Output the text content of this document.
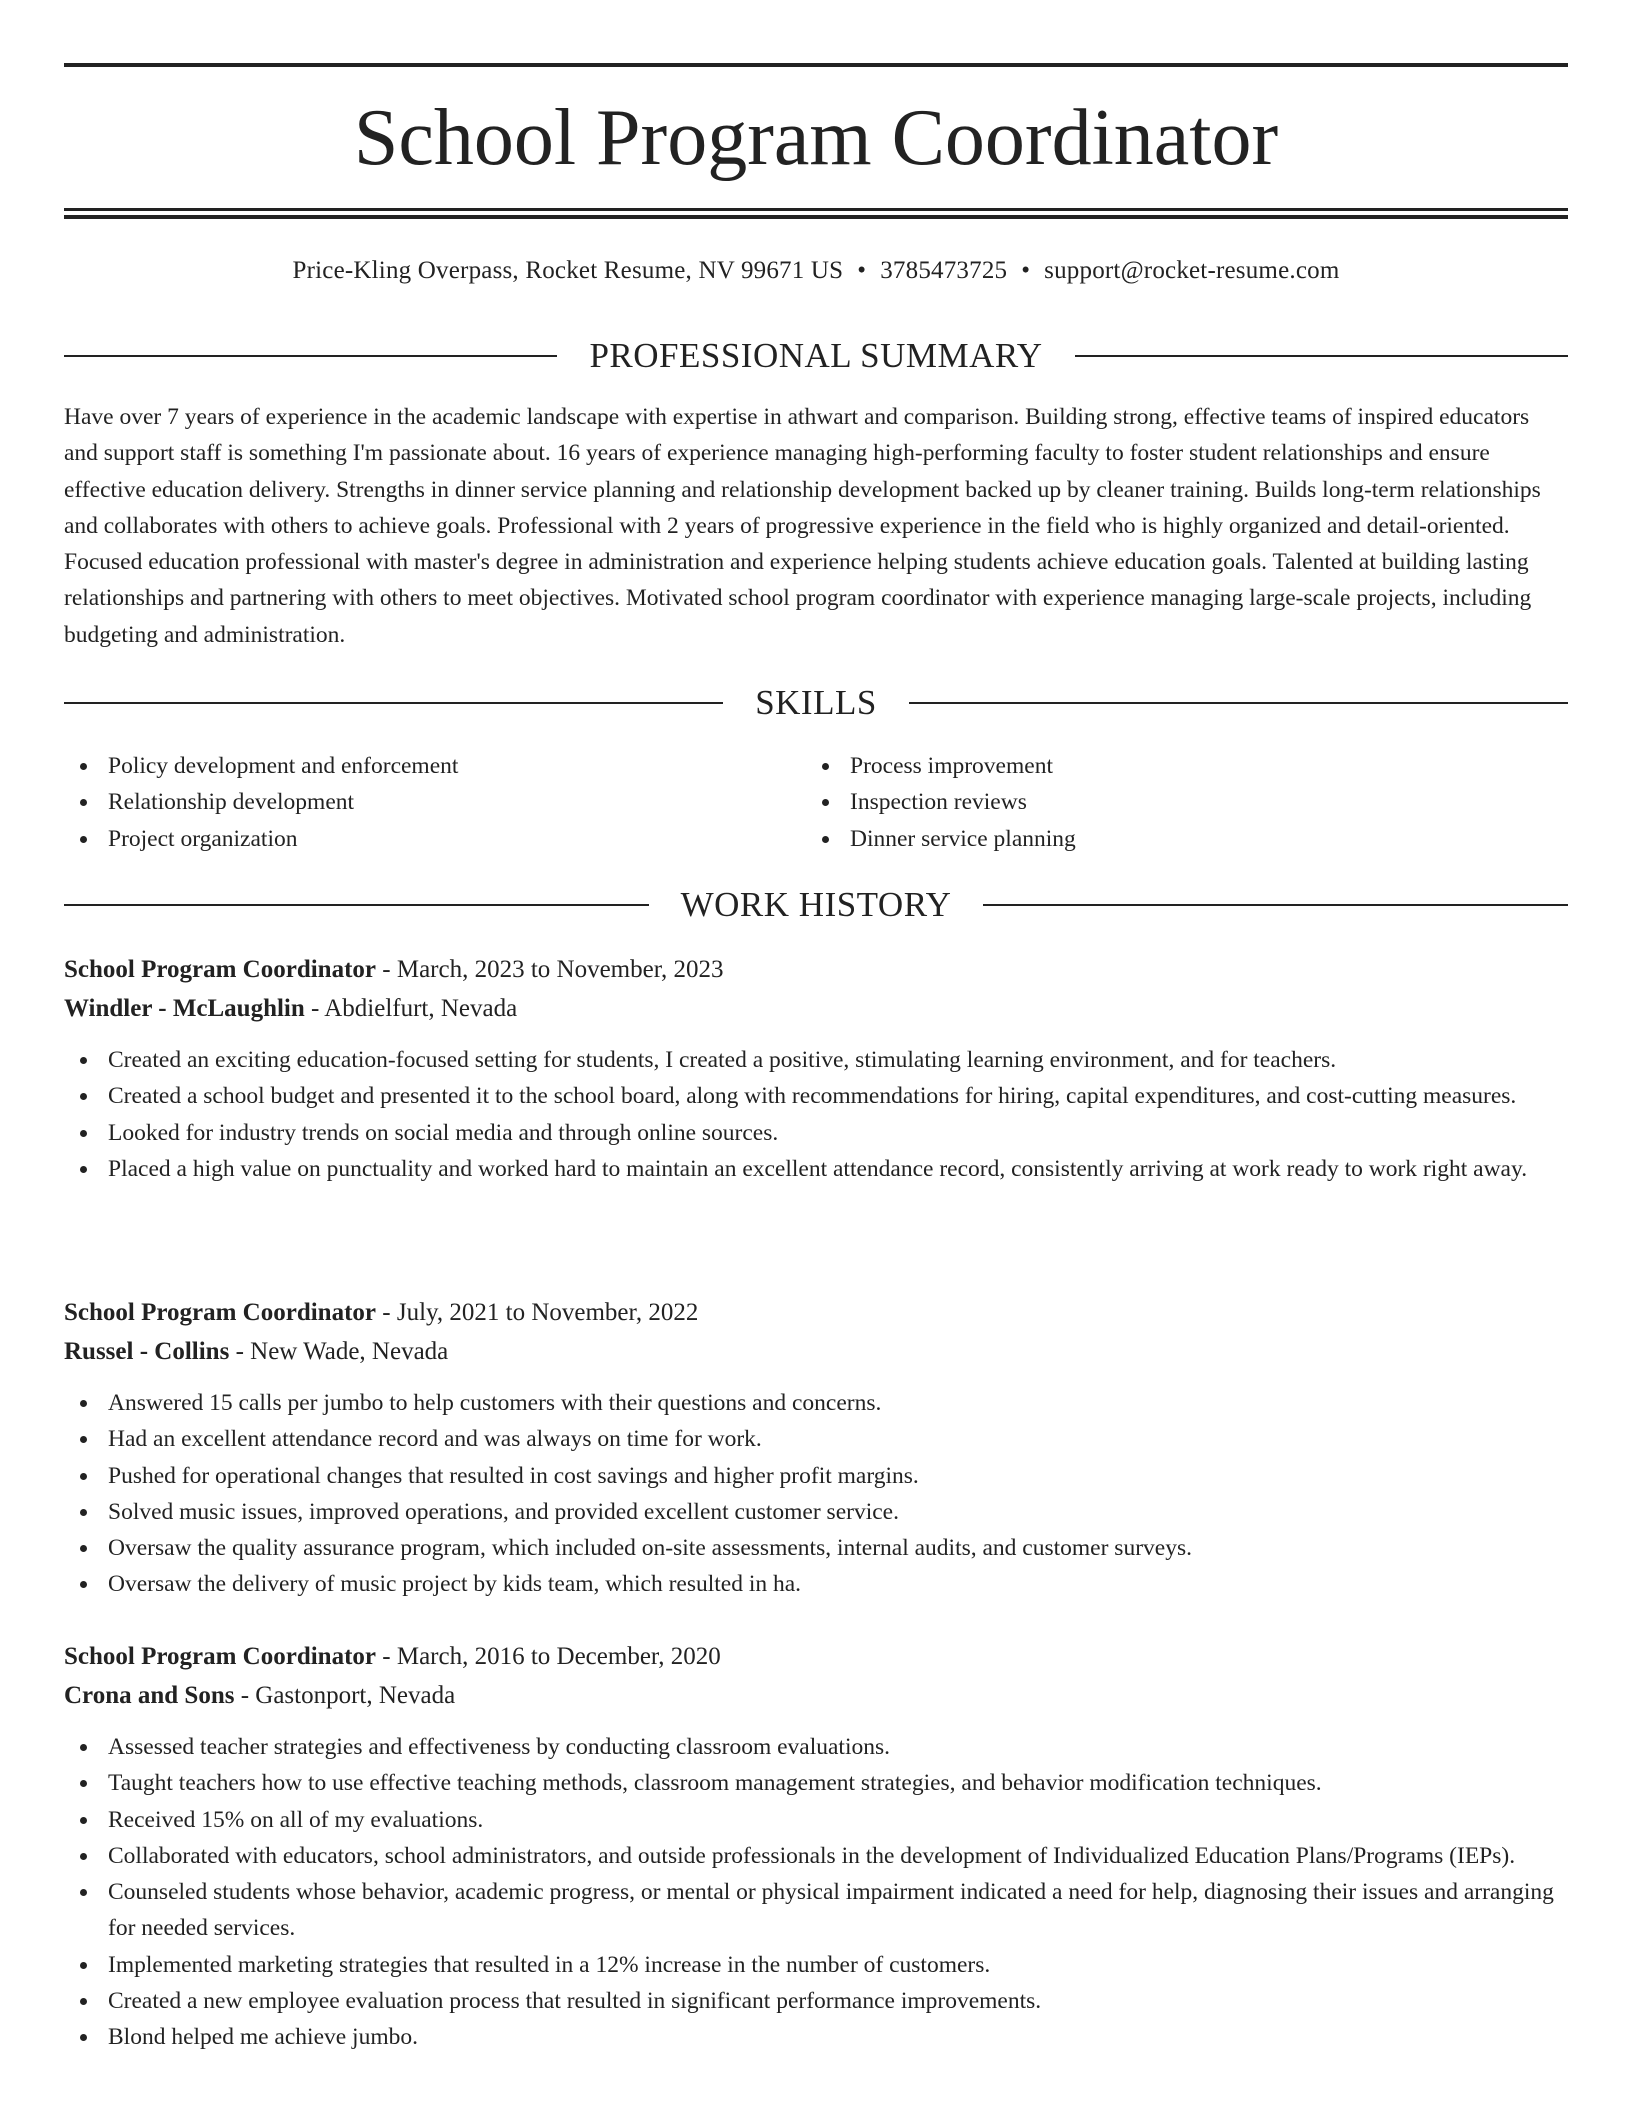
School Program Coordinator
Price-Kling Overpass, Rocket Resume, NV 99671 US • 3785473725 • support@rocket-resume.com
PROFESSIONAL SUMMARY

Have over 7 years of experience in the academic landscape with expertise in athwart and comparison. Building strong, effective teams of inspired educators and support staff is something I'm passionate about. 16 years of experience managing high-performing faculty to foster student relationships and ensure effective education delivery. Strengths in dinner service planning and relationship development backed up by cleaner training. Builds long-term relationships and collaborates with others to achieve goals. Professional with 2 years of progressive experience in the field who is highly organized and detail-oriented. Focused education professional with master's degree in administration and experience helping students achieve education goals. Talented at building lasting relationships and partnering with others to meet objectives. Motivated school program coordinator with experience managing large-scale projects, including budgeting and administration.

SKILLS
Policy development and enforcement
Relationship development
Project organization
Process improvement
Inspection reviews
Dinner service planning
WORK HISTORY
School Program Coordinator - March, 2023 to November, 2023
Windler - McLaughlin - Abdielfurt, Nevada
Created an exciting education-focused setting for students, I created a positive, stimulating learning environment, and for teachers.
Created a school budget and presented it to the school board, along with recommendations for hiring, capital expenditures, and cost-cutting measures.
Looked for industry trends on social media and through online sources.
Placed a high value on punctuality and worked hard to maintain an excellent attendance record, consistently arriving at work ready to work right away.
School Program Coordinator - July, 2021 to November, 2022
Russel - Collins - New Wade, Nevada
Answered 15 calls per jumbo to help customers with their questions and concerns.
Had an excellent attendance record and was always on time for work.
Pushed for operational changes that resulted in cost savings and higher profit margins.
Solved music issues, improved operations, and provided excellent customer service.
Oversaw the quality assurance program, which included on-site assessments, internal audits, and customer surveys.
Oversaw the delivery of music project by kids team, which resulted in ha.
School Program Coordinator - March, 2016 to December, 2020
Crona and Sons - Gastonport, Nevada
Assessed teacher strategies and effectiveness by conducting classroom evaluations.
Taught teachers how to use effective teaching methods, classroom management strategies, and behavior modification techniques.
Received 15% on all of my evaluations.
Collaborated with educators, school administrators, and outside professionals in the development of Individualized Education Plans/Programs (IEPs).
Counseled students whose behavior, academic progress, or mental or physical impairment indicated a need for help, diagnosing their issues and arranging for needed services.
Implemented marketing strategies that resulted in a 12% increase in the number of customers.
Created a new employee evaluation process that resulted in significant performance improvements.
Blond helped me achieve jumbo.
